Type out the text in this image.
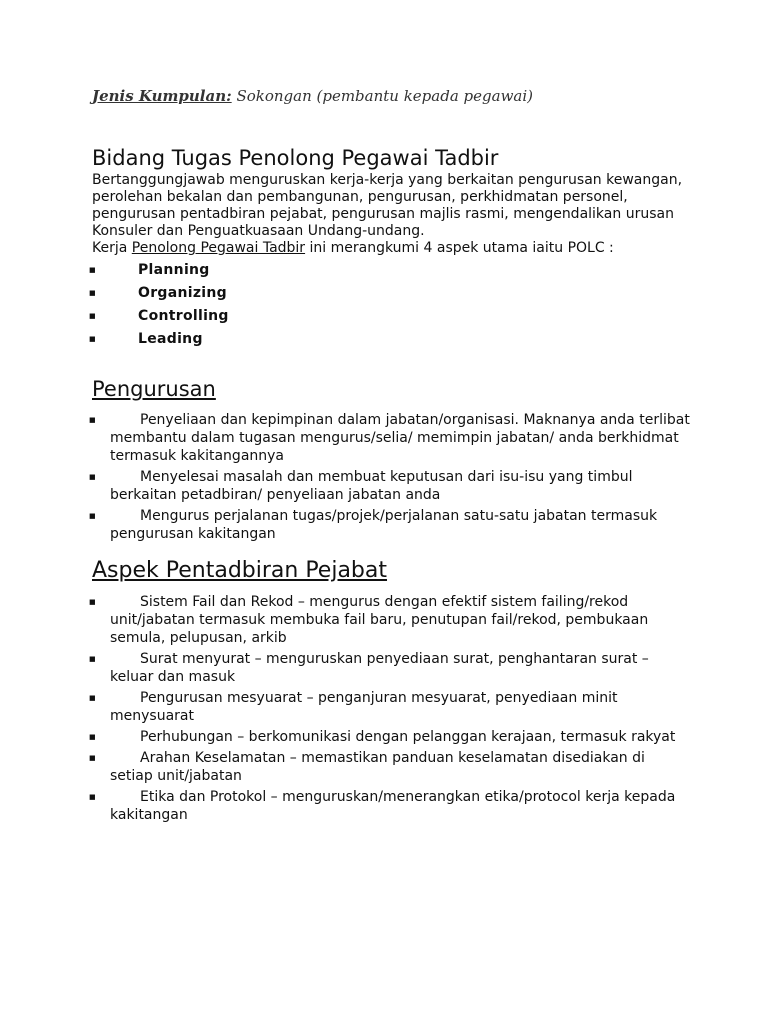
Jenis Kumpulan: Sokongan (pembantu kepada pegawai)

Bidang Tugas Penolong Pegawai Tadbir

Bertanggungjawab menguruskan kerja-kerja yang berkaitan pengurusan kewangan, perolehan bekalan dan pembangunan, pengurusan, perkhidmatan personel, pengurusan pentadbiran pejabat, pengurusan majlis rasmi, mengendalikan urusan Konsuler dan Penguatkuasaan Undang-undang.

Kerja Penolong Pegawai Tadbir ini merangkumi 4 aspek utama iaitu POLC :

■	Planning
■	Organizing
■	Controlling
■	Leading
Pengurusan
■	Penyeliaan dan kepimpinan dalam jabatan/organisasi. Maknanya anda terlibat membantu dalam tugasan mengurus/selia/ memimpin jabatan/ anda berkhidmat termasuk kakitangannya
■	Menyelesai masalah dan membuat keputusan dari isu-isu yang timbul berkaitan petadbiran/ penyeliaan jabatan anda
■	Mengurus perjalanan tugas/projek/perjalanan satu-satu jabatan termasuk pengurusan kakitangan
Aspek Pentadbiran Pejabat
■	Sistem Fail dan Rekod – mengurus dengan efektif sistem failing/rekod unit/jabatan termasuk membuka fail baru, penutupan fail/rekod, pembukaan semula, pelupusan, arkib
■	Surat menyurat – menguruskan penyediaan surat, penghantaran surat – keluar dan masuk
■	Pengurusan mesyuarat – penganjuran mesyuarat, penyediaan minit menysuarat
■	Perhubungan – berkomunikasi dengan pelanggan kerajaan, termasuk rakyat
■	Arahan Keselamatan – memastikan panduan keselamatan disediakan di setiap unit/jabatan
■	Etika dan Protokol – menguruskan/menerangkan etika/protocol kerja kepada kakitangan
